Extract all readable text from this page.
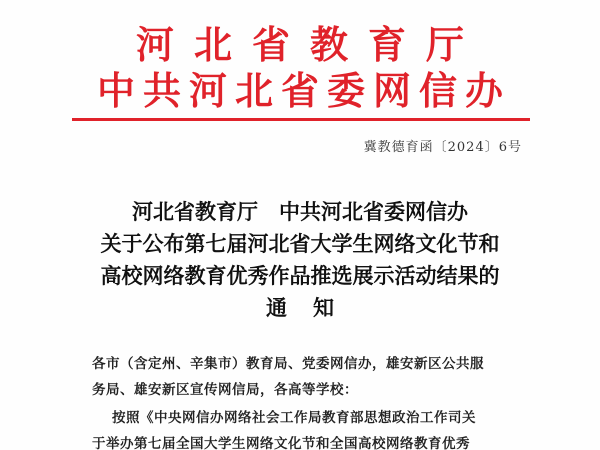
河北省教育厅
中共河北省委网信办
冀教德育函〔2024〕6号
河北省教育厅　中共河北省委网信办
关于公布第七届河北省大学生网络文化节和
高校网络教育优秀作品推选展示活动结果的
通知
各市（含定州、辛集市）教育局、党委网信办，雄安新区公共服
务局、雄安新区宣传网信局，各高等学校：
按照《中央网信办网络社会工作局教育部思想政治工作司关
于举办第七届全国大学生网络文化节和全国高校网络教育优秀
